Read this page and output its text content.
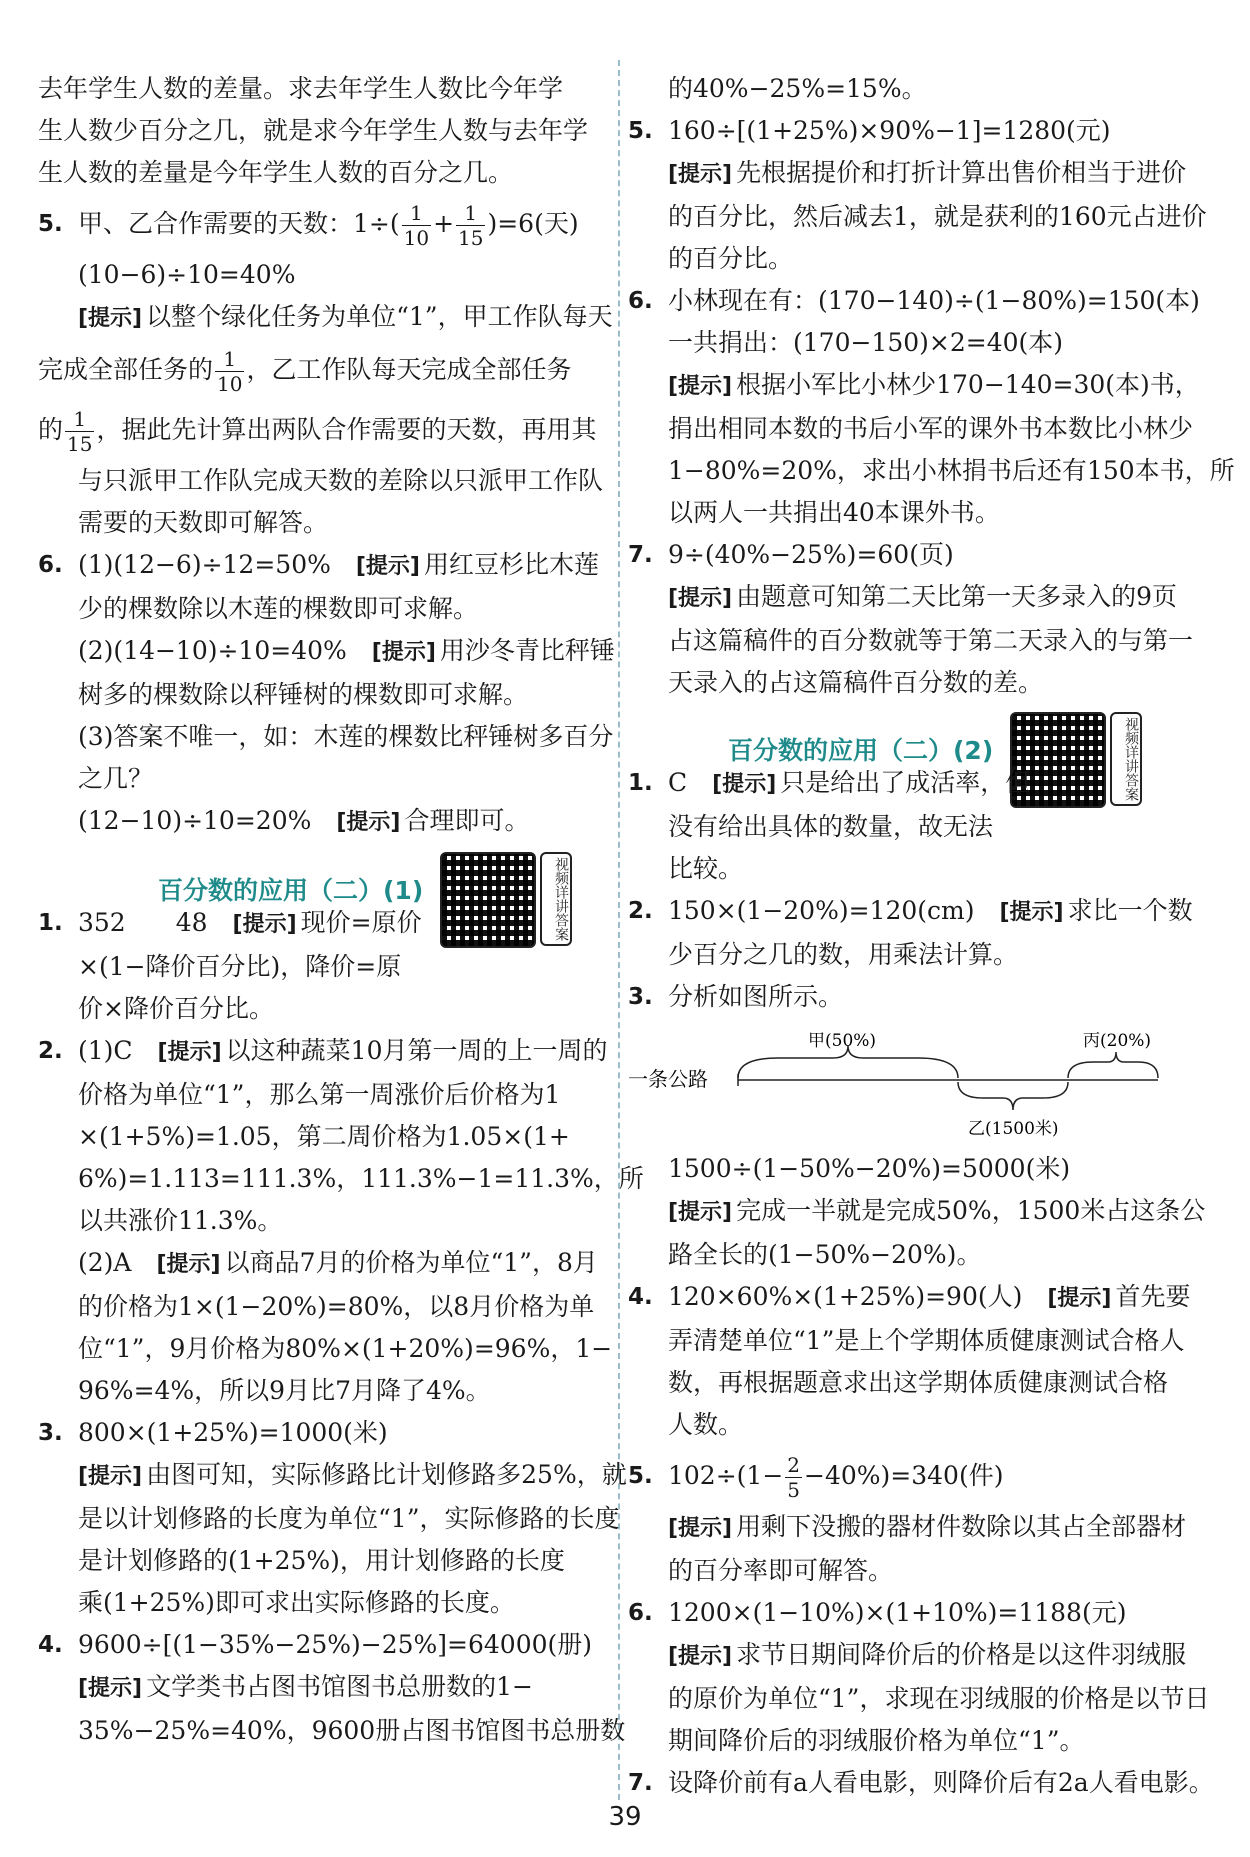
去年学生人数的差量。求去年学生人数比今年学
生人数少百分之几，就是求今年学生人数与去年学
生人数的差量是今年学生人数的百分之几。
5. 甲、乙合作需要的天数：$1\div( \frac{1}{10} + \frac{1}{15} )=6$(天)
(10−6)÷10=40%
[提示] 以整个绿化任务为单位“1”，甲工作队每天
完成全部任务的 $\frac{1}{10}$ ，乙工作队每天完成全部任务
的 $\frac{1}{15}$ ，据此先计算出两队合作需要的天数，再用其
与只派甲工作队完成天数的差除以只派甲工作队
需要的天数即可解答。
6. (1)(12−6)÷12=50%　[提示] 用红豆杉比木莲
少的棵数除以木莲的棵数即可求解。
(2)(14−10)÷10=40%　[提示] 用沙冬青比秤锤
树多的棵数除以秤锤树的棵数即可求解。
(3)答案不唯一，如：木莲的棵数比秤锤树多百分
之几？
(12−10)÷10=20%　[提示] 合理即可。
百分数的应用（二）(1)	视频详讲答案
1. 352　　48　[提示] 现价=原价
×(1−降价百分比)，降价=原
价×降价百分比。
2. (1)C　[提示] 以这种蔬菜10月第一周的上一周的
价格为单位“1”，那么第一周涨价后价格为1
×(1+5%)=1.05，第二周价格为1.05×(1+
6%)=1.113=111.3%，111.3%−1=11.3%，所
以共涨价11.3%。
(2)A　[提示] 以商品7月的价格为单位“1”，8月
的价格为1×(1−20%)=80%，以8月价格为单
位“1”，9月价格为80%×(1+20%)=96%，1−
96%=4%，所以9月比7月降了4%。
3. 800×(1+25%)=1000(米)
[提示] 由图可知，实际修路比计划修路多25%，就
是以计划修路的长度为单位“1”，实际修路的长度
是计划修路的(1+25%)，用计划修路的长度
乘(1+25%)即可求出实际修路的长度。
4. 9600÷[(1−35%−25%)−25%]=64000(册)
[提示] 文学类书占图书馆图书总册数的1−
35%−25%=40%，9600册占图书馆图书总册数
的40%−25%=15%。
5. 160÷[(1+25%)×90%−1]=1280(元)
[提示] 先根据提价和打折计算出售价相当于进价
的百分比，然后减去1，就是获利的160元占进价
的百分比。
6. 小林现在有：(170−140)÷(1−80%)=150(本)
一共捐出：(170−150)×2=40(本)
[提示] 根据小军比小林少170−140=30(本)书，
捐出相同本数的书后小军的课外书本数比小林少
1−80%=20%，求出小林捐书后还有150本书，所
以两人一共捐出40本课外书。
7. 9÷(40%−25%)=60(页)
[提示] 由题意可知第二天比第一天多录入的9页
占这篇稿件的百分数就等于第二天录入的与第一
天录入的占这篇稿件百分数的差。
百分数的应用（二）(2)	视频详讲答案
1. C　[提示] 只是给出了成活率，但
没有给出具体的数量，故无法
比较。
2. 150×(1−20%)=120(cm)　[提示] 求比一个数
少百分之几的数，用乘法计算。
3. 分析如图所示。
一条公路
甲(50%)	丙(20%)
乙(1500米)
1500÷(1−50%−20%)=5000(米)
[提示] 完成一半就是完成50%，1500米占这条公
路全长的(1−50%−20%)。
4. 120×60%×(1+25%)=90(人)　[提示] 首先要
弄清楚单位“1”是上个学期体质健康测试合格人
数，再根据题意求出这学期体质健康测试合格
人数。
5. $102\div(1- \frac{2}{5} -40\%)=340$(件)
[提示] 用剩下没搬的器材件数除以其占全部器材
的百分率即可解答。
6. 1200×(1−10%)×(1+10%)=1188(元)
[提示] 求节日期间降价后的价格是以这件羽绒服
的原价为单位“1”，求现在羽绒服的价格是以节日
期间降价后的羽绒服价格为单位“1”。
7. 设降价前有a人看电影，则降价后有2a人看电影。
39
